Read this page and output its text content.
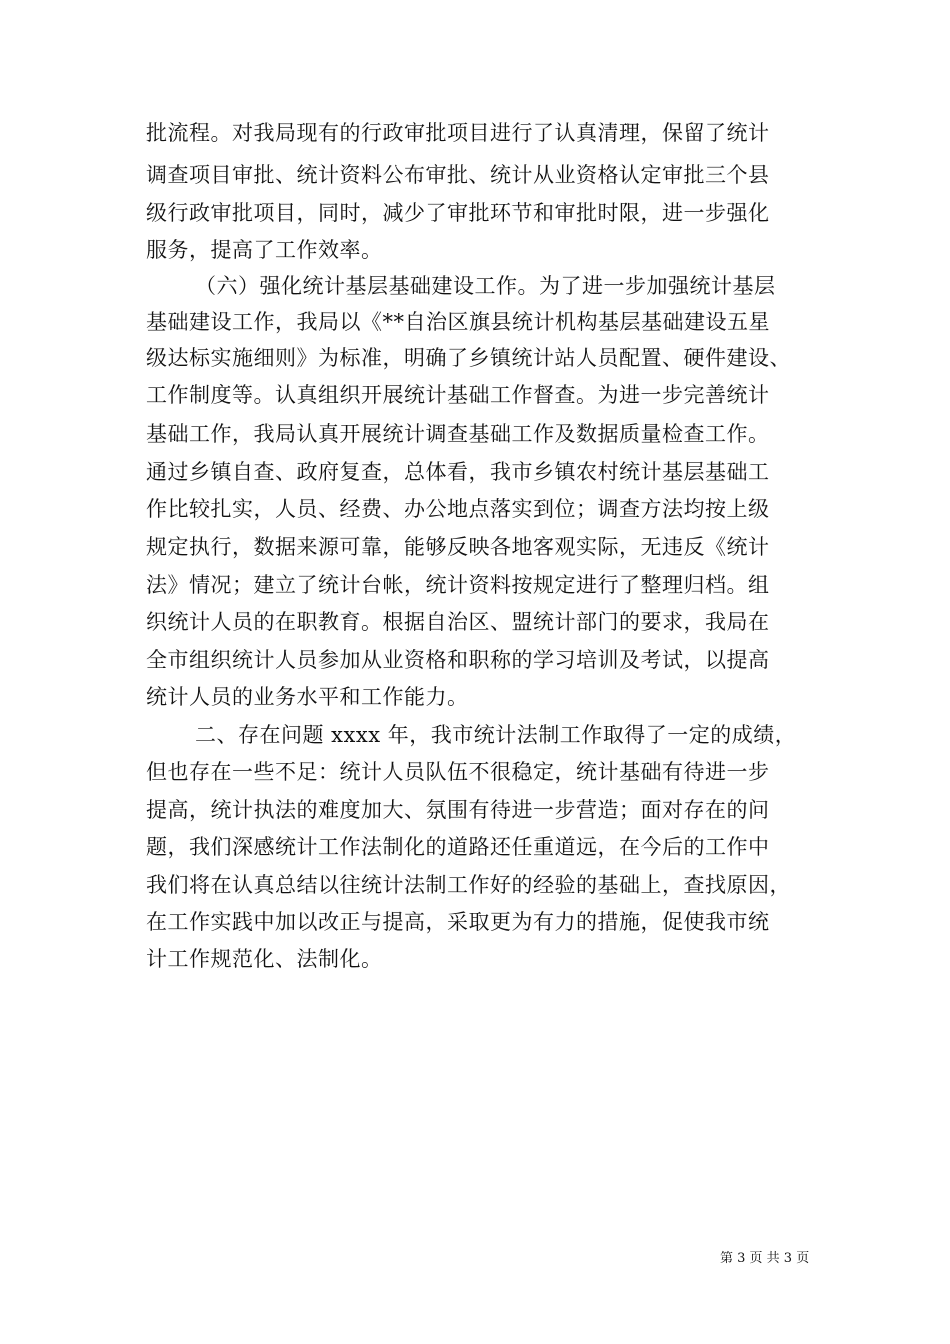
批流程。对我局现有的行政审批项目进行了认真清理，保留了统计
调查项目审批、统计资料公布审批、统计从业资格认定审批三个县
级行政审批项目，同时，减少了审批环节和审批时限，进一步强化
服务，提高了工作效率。
（六）强化统计基层基础建设工作。为了进一步加强统计基层
基础建设工作，我局以《**自治区旗县统计机构基层基础建设五星
级达标实施细则》为标准，明确了乡镇统计站人员配置、硬件建设、
工作制度等。认真组织开展统计基础工作督查。为进一步完善统计
基础工作，我局认真开展统计调查基础工作及数据质量检查工作。
通过乡镇自查、政府复查，总体看，我市乡镇农村统计基层基础工
作比较扎实，人员、经费、办公地点落实到位；调查方法均按上级
规定执行，数据来源可靠，能够反映各地客观实际，无违反《统计
法》情况；建立了统计台帐，统计资料按规定进行了整理归档。组
织统计人员的在职教育。根据自治区、盟统计部门的要求，我局在
全市组织统计人员参加从业资格和职称的学习培训及考试，以提高
统计人员的业务水平和工作能力。
二、存在问题 xxxx 年，我市统计法制工作取得了一定的成绩，
但也存在一些不足：统计人员队伍不很稳定，统计基础有待进一步
提高，统计执法的难度加大、氛围有待进一步营造；面对存在的问
题，我们深感统计工作法制化的道路还任重道远，在今后的工作中
我们将在认真总结以往统计法制工作好的经验的基础上，查找原因，
在工作实践中加以改正与提高，采取更为有力的措施，促使我市统
计工作规范化、法制化。
第 3 页 共 3 页
